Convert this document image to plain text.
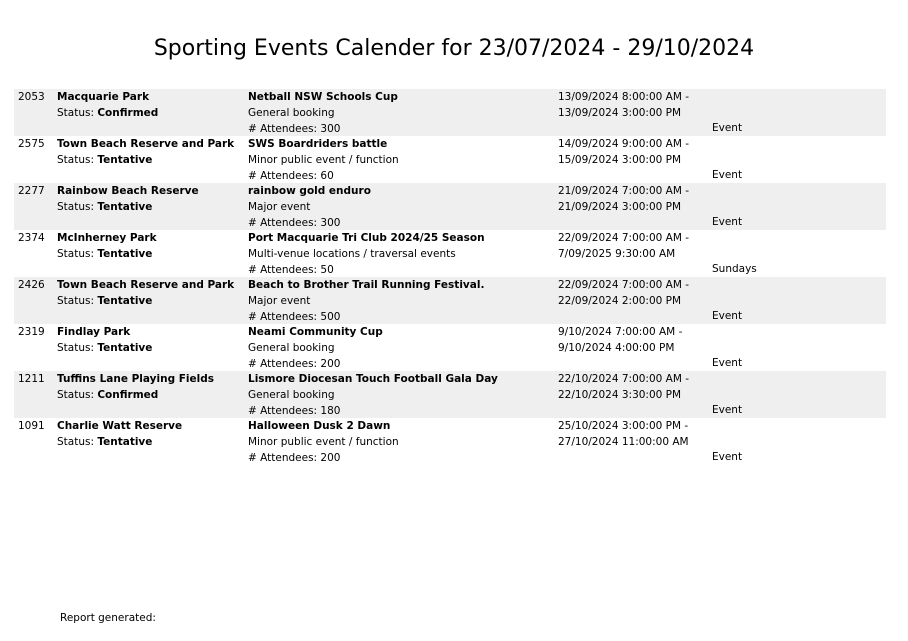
Sporting Events Calender for 23/07/2024 - 29/10/2024
2053 Macquarie Park
Status: Confirmed
Netball NSW Schools Cup
General booking
# Attendees: 300
13/09/2024 8:00:00 AM -
13/09/2024 3:00:00 PM
Event
2575 Town Beach Reserve and Park
Status: Tentative
SWS Boardriders battle
Minor public event / function
# Attendees: 60
14/09/2024 9:00:00 AM -
15/09/2024 3:00:00 PM
Event
2277 Rainbow Beach Reserve
Status: Tentative
rainbow gold enduro
Major event
# Attendees: 300
21/09/2024 7:00:00 AM -
21/09/2024 3:00:00 PM
Event
2374 McInherney Park
Status: Tentative
Port Macquarie Tri Club 2024/25 Season
Multi-venue locations / traversal events
# Attendees: 50
22/09/2024 7:00:00 AM -
7/09/2025 9:30:00 AM
Sundays
2426 Town Beach Reserve and Park
Status: Tentative
Beach to Brother Trail Running Festival.
Major event
# Attendees: 500
22/09/2024 7:00:00 AM -
22/09/2024 2:00:00 PM
Event
2319 Findlay Park
Status: Tentative
Neami Community Cup
General booking
# Attendees: 200
9/10/2024 7:00:00 AM -
9/10/2024 4:00:00 PM
Event
1211 Tuffins Lane Playing Fields
Status: Confirmed
Lismore Diocesan Touch Football Gala Day
General booking
# Attendees: 180
22/10/2024 7:00:00 AM -
22/10/2024 3:30:00 PM
Event
1091 Charlie Watt Reserve
Status: Tentative
Halloween Dusk 2 Dawn
Minor public event / function
# Attendees: 200
25/10/2024 3:00:00 PM -
27/10/2024 11:00:00 AM
Event
Report generated:
